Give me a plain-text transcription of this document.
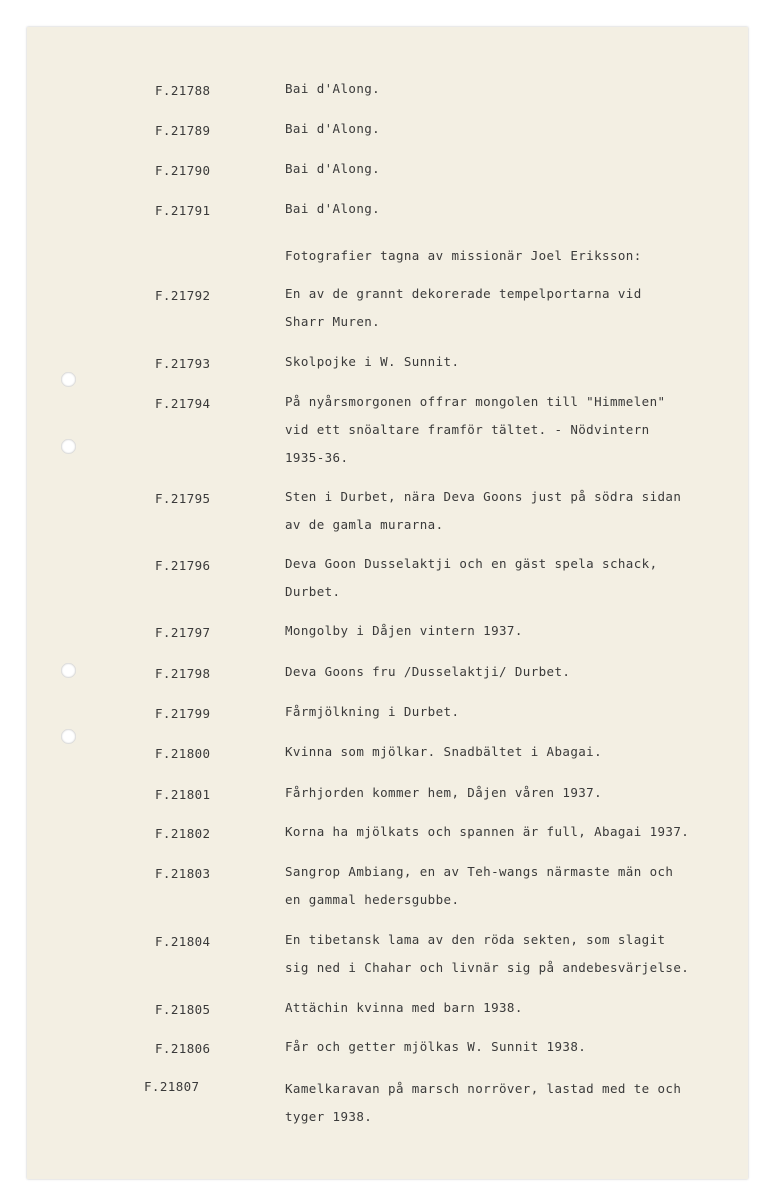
F.21788	Bai d'Along.
F.21789	Bai d'Along.
F.21790	Bai d'Along.
F.21791	Bai d'Along.
Fotografier tagna av missionär Joel Eriksson:
F.21792	En av de grannt dekorerade tempelportarna vid
Sharr Muren.
F.21793	Skolpojke i W. Sunnit.
F.21794	På nyårsmorgonen offrar mongolen till "Himmelen"
vid ett snöaltare framför tältet. - Nödvintern
1935-36.
F.21795	Sten i Durbet, nära Deva Goons just på södra sidan
av de gamla murarna.
F.21796	Deva Goon Dusselaktji och en gäst spela schack,
Durbet.
F.21797	Mongolby i Dåjen vintern 1937.
F.21798	Deva Goons fru /Dusselaktji/ Durbet.
F.21799	Fårmjölkning i Durbet.
F.21800	Kvinna som mjölkar. Snadbältet i Abagai.
F.21801	Fårhjorden kommer hem, Dåjen våren 1937.
F.21802	Korna ha mjölkats och spannen är full, Abagai 1937.
F.21803	Sangrop Ambiang, en av Teh-wangs närmaste män och
en gammal hedersgubbe.
F.21804	En tibetansk lama av den röda sekten, som slagit
sig ned i Chahar och livnär sig på andebesvärjelse.
F.21805	Attächin kvinna med barn 1938.
F.21806	Får och getter mjölkas W. Sunnit 1938.
F.21807	Kamelkaravan på marsch norröver, lastad med te och
tyger 1938.
